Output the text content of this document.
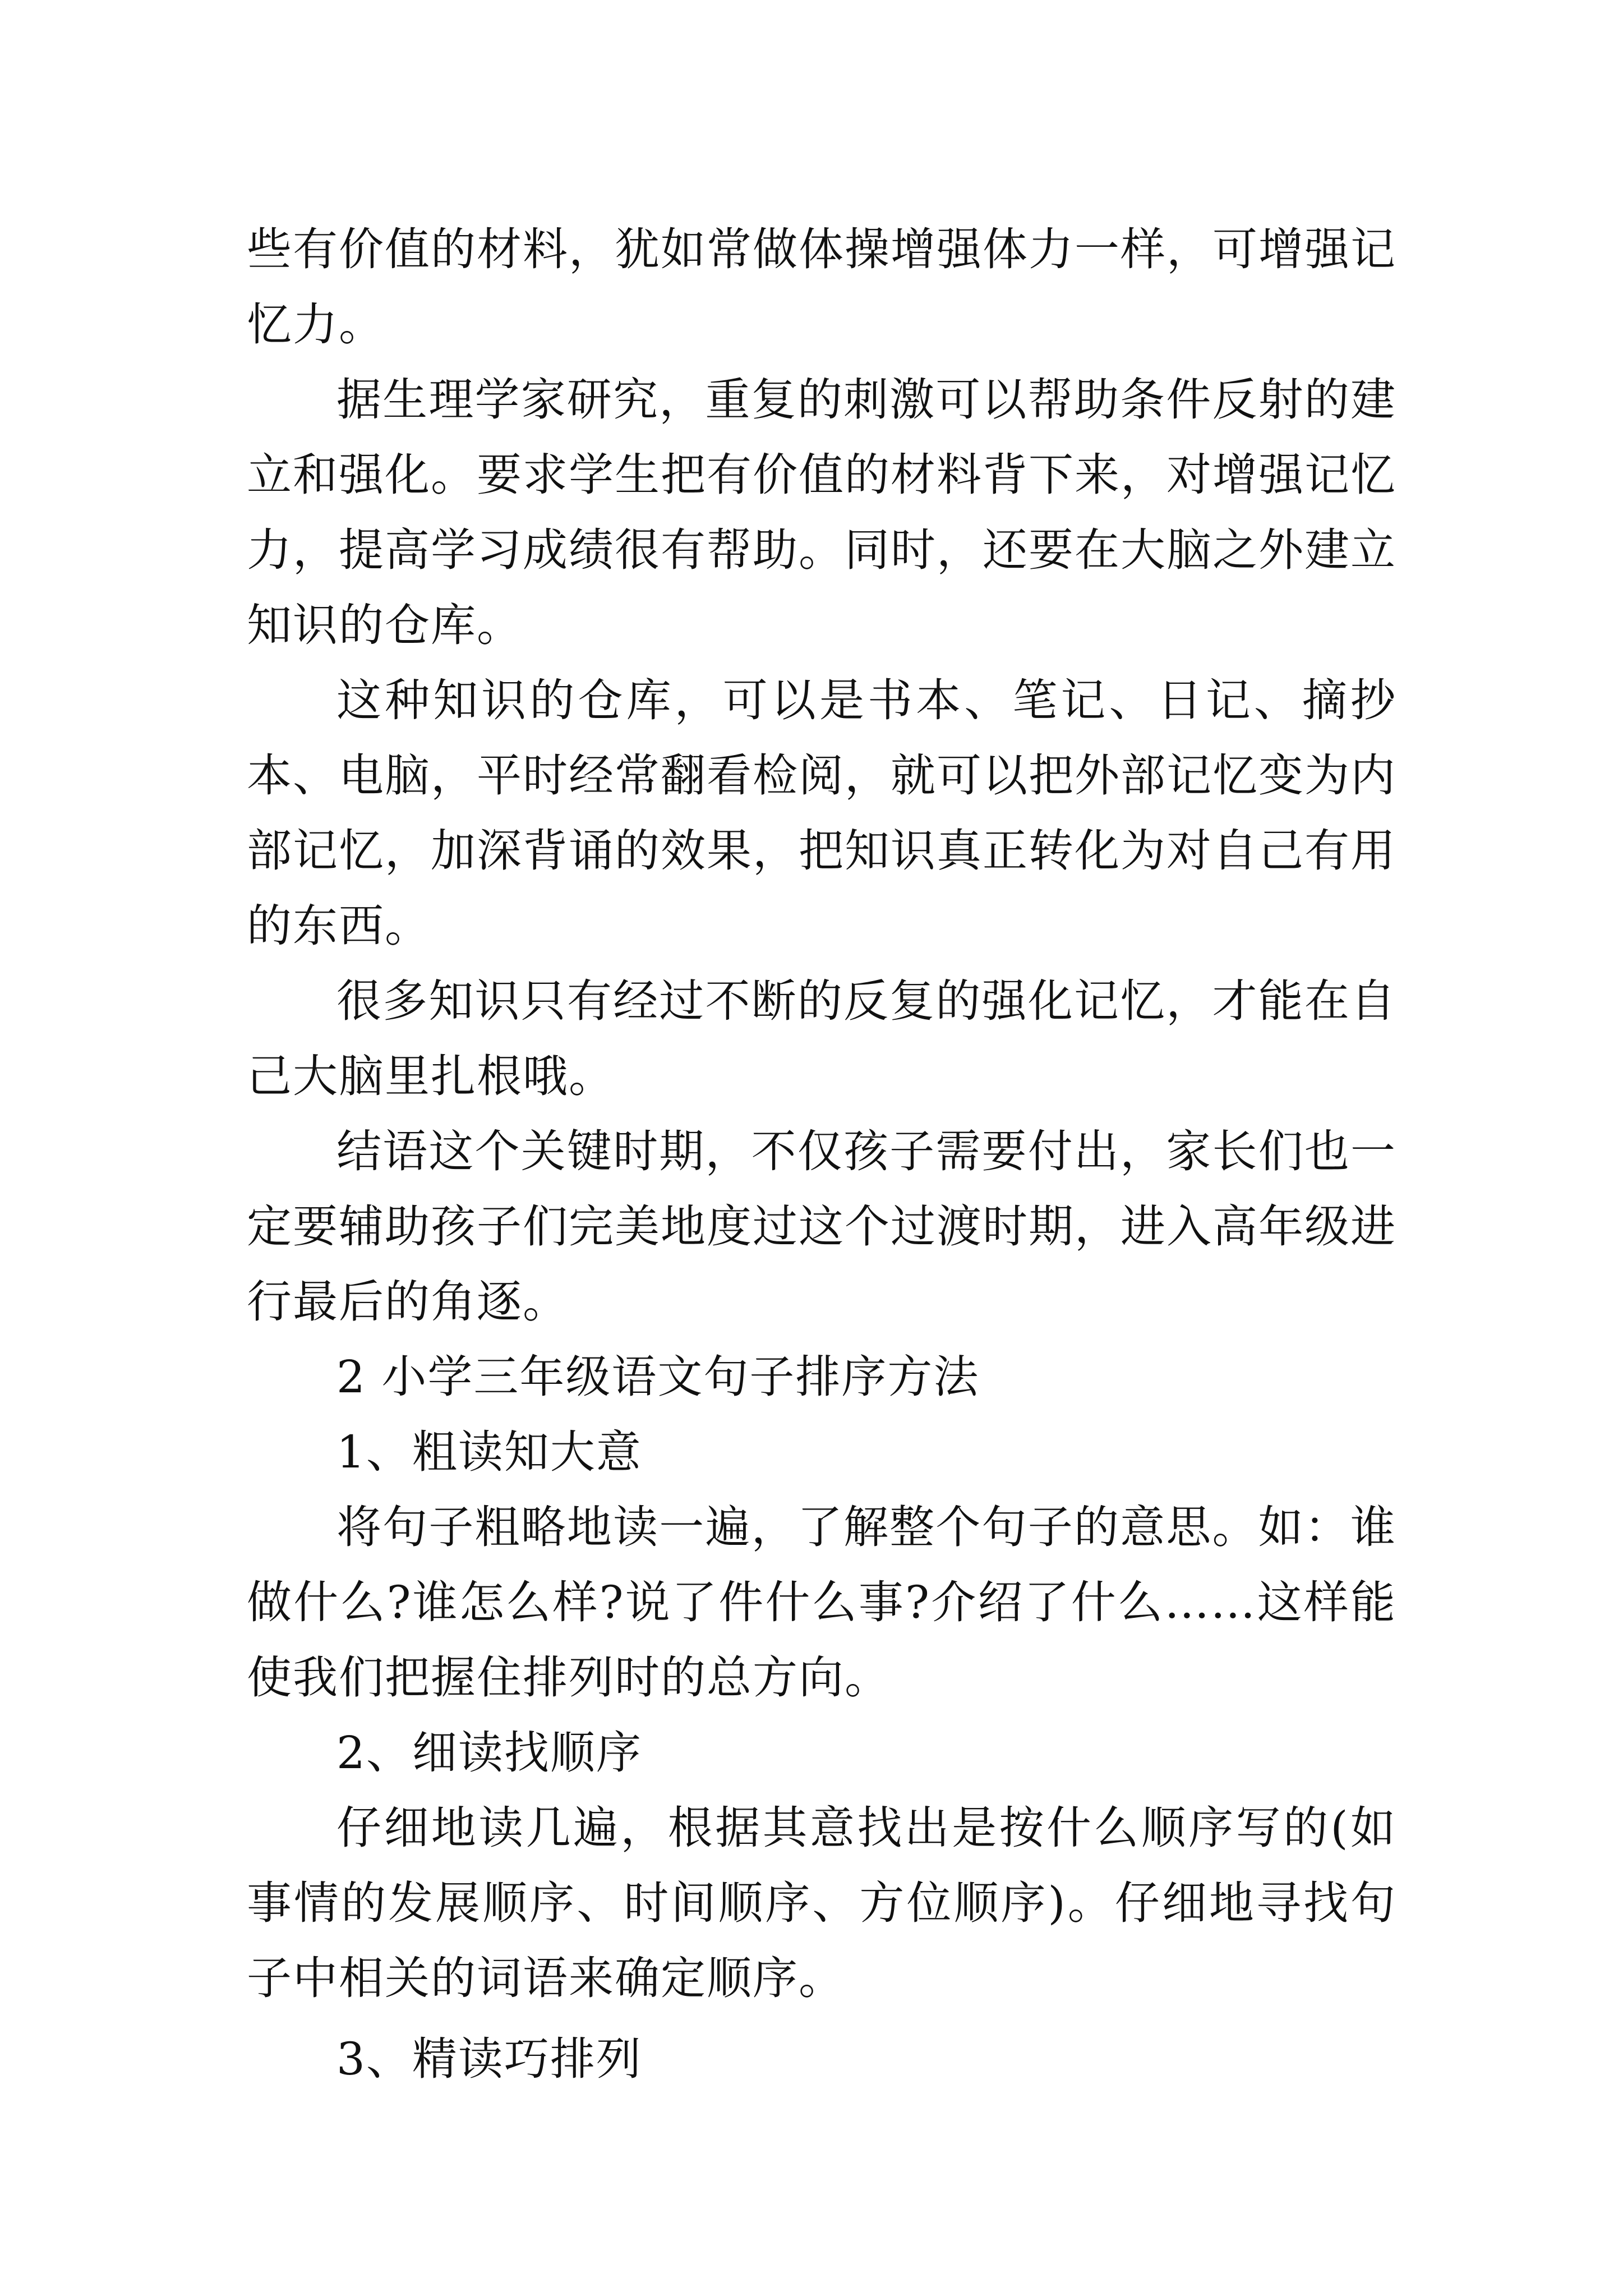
些有价值的材料，犹如常做体操增强体力一样，可增强记忆力。

据生理学家研究，重复的刺激可以帮助条件反射的建立和强化。要求学生把有价值的材料背下来，对增强记忆力，提高学习成绩很有帮助。同时，还要在大脑之外建立知识的仓库。

这种知识的仓库，可以是书本、笔记、日记、摘抄本、电脑，平时经常翻看检阅，就可以把外部记忆变为内部记忆，加深背诵的效果，把知识真正转化为对自己有用的东西。

很多知识只有经过不断的反复的强化记忆，才能在自己大脑里扎根哦。

结语这个关键时期，不仅孩子需要付出，家长们也一定要辅助孩子们完美地度过这个过渡时期，进入高年级进行最后的角逐。

2 小学三年级语文句子排序方法

1、粗读知大意

将句子粗略地读一遍，了解整个句子的意思。如：谁做什么?谁怎么样?说了件什么事?介绍了什么……这样能使我们把握住排列时的总方向。

2、细读找顺序

仔细地读几遍，根据其意找出是按什么顺序写的(如事情的发展顺序、时间顺序、方位顺序)。仔细地寻找句子中相关的词语来确定顺序。

3、精读巧排列
